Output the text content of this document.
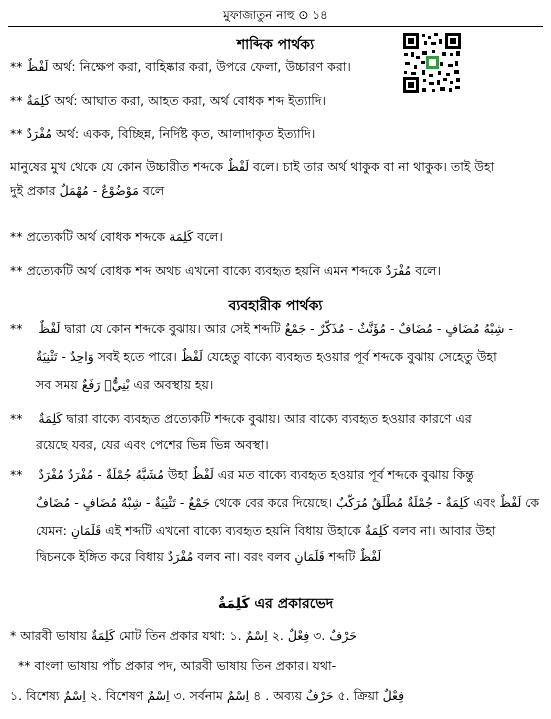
মুফাজাতুন নাহু ⊙ ১৪
শাব্দিক পার্থক্য
** لَفْظٌ অর্থ: নিক্ষেপ করা, বাহিষ্কার করা, উপরে ফেলা, উচ্চারণ করা।
** كَلِمَةٌ অর্থ: আঘাত করা, আহত করা, অর্থ বোধক শব্দ ইত্যাদি।
** مُفْرَدٌ অর্থ: একক, বিচ্ছিন্ন, নির্দিষ্ট কৃত, আলাদাকৃত ইত্যাদি।
মানুষের মুখ থেকে যে কোন উচ্চারীত শব্দকে لَفْظٌ বলে। চাই তার অর্থ থাকুক বা না থাকুক। তাই উহা
দুই প্রকার مَوْضُوْعٌ - مُهْمَلٌ বলে
** প্রত্যেকটি অর্থ বোধক শব্দকে كَلِمَة বলে।
** প্রত্যেকটি অর্থ বোধক শব্দ অথচ এখনো বাক্যে ব্যবহৃত হয়নি এমন শব্দকে مُفْرَدٌ বলে।
ব্যবহারীক পার্থক্য
** لَفْظٌ দ্বারা যে কোন শব্দকে বুঝায়। আর সেই শব্দটি شِبْهُ مُضَافٍ - مُضَافٌ - مُؤَنَّثٌ - مُذَكَّرٌ - جَمْعٌ -
وَاحِدٌ - تَثْنِيَةٌ সবই হতে পারে। لَفْظٌ যেহেতু বাক্যে ব্যবহৃত হওয়ার পূর্ব শব্দকে বুঝায় সেহেতু উহা
সব সময় رَفَعٌ মَبْنِيٌّ এর অবস্থায় হয়।
** كَلِمَةٌ দ্বারা বাক্যে ব্যবহৃত প্রত্যেকটি শব্দকে বুঝায়। আর বাক্যে ব্যবহৃত হওয়ার কারণে এর
রয়েছে যবর, যের এবং পেশের ভিন্ন ভিন্ন অবস্থা।
**	مُشَبَّهُ جُمْلَةٌ - مُفْرَدٌ مُفْرَدٌ	উহা لَفْظٌ এর মত বাক্যে ব্যবহৃত হওয়ার পূর্ব শব্দকে বুঝায় কিন্তু
جَمْعٌ - تَثْنِيَةٌ - شِبْهُ مُضَافٍ - مُضَافٌ থেকে বের করে দিয়েছে। كَلِمَةٌ - جُمْلَةٌ مُطْلَقُ مُرَكَّبٌ এবং لَفْظٌ কে
যেমন: قَلَمَانِ এই শব্দটি এখনো বাক্যে ব্যবহৃত হয়নি বিধায় উহাকে كَلِمَةٌ বলব না। আবার উহা
দ্বিচনকে ইঙ্গিত করে বিধায় مُفْرَدٌ বলব না। বরং বলব قَلَمَانِ শব্দটি لَفْظٌ
كَلِمَةٌ এর প্রকারভেদ
* আরবী ভাষায় كَلِمَةٌ মোট তিন প্রকার যথা: ১. اِسْمٌ ২. فِعْلٌ ৩. حَرْفٌ
** বাংলা ভাষায় পাঁচ প্রকার পদ, আরবী ভাষায় তিন প্রকার। যথা-
১. বিশেষ্য اِسْمٌ ২. বিশেষণ اِسْمٌ ৩. সর্বনাম اِسْمٌ ৪ . অব্যয় حَرْفٌ ৫. ক্রিয়া فِعْلٌ
